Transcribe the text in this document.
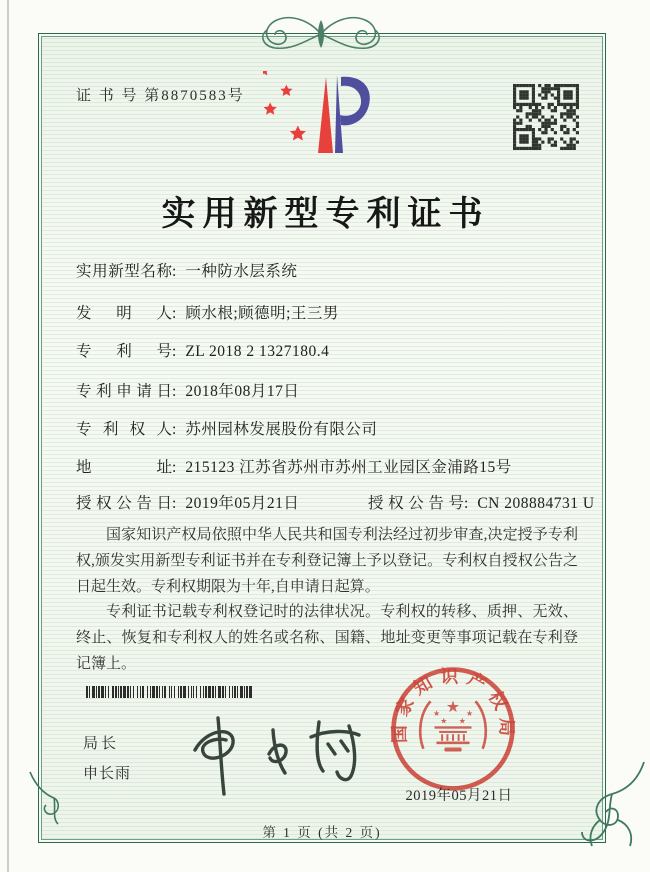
证 书 号 第8870583号
实用新型专利证书
实用新型名称: 一种防水层系统
发明人: 顾水根;顾德明;王三男
专利号: ZL 2018 2 1327180.4
专利申请日: 2018年08月17日
专利权人: 苏州园林发展股份有限公司
地址: 215123 江苏省苏州市苏州工业园区金浦路15号
授权公告日: 2019年05月21日	授权公告号: CN 208884731 U

国家知识产权局依照中华人民共和国专利法经过初步审查,决定授予专利权,颁发实用新型专利证书并在专利登记簿上予以登记。专利权自授权公告之日起生效。专利权期限为十年,自申请日起算。

专利证书记载专利权登记时的法律状况。专利权的转移、质押、无效、终止、恢复和专利权人的姓名或名称、国籍、地址变更等事项记载在专利登记簿上。

局长
申长雨
国家知识产权局
★
★ ★
★ ★
2019年05月21日
第 1 页 (共 2 页)
